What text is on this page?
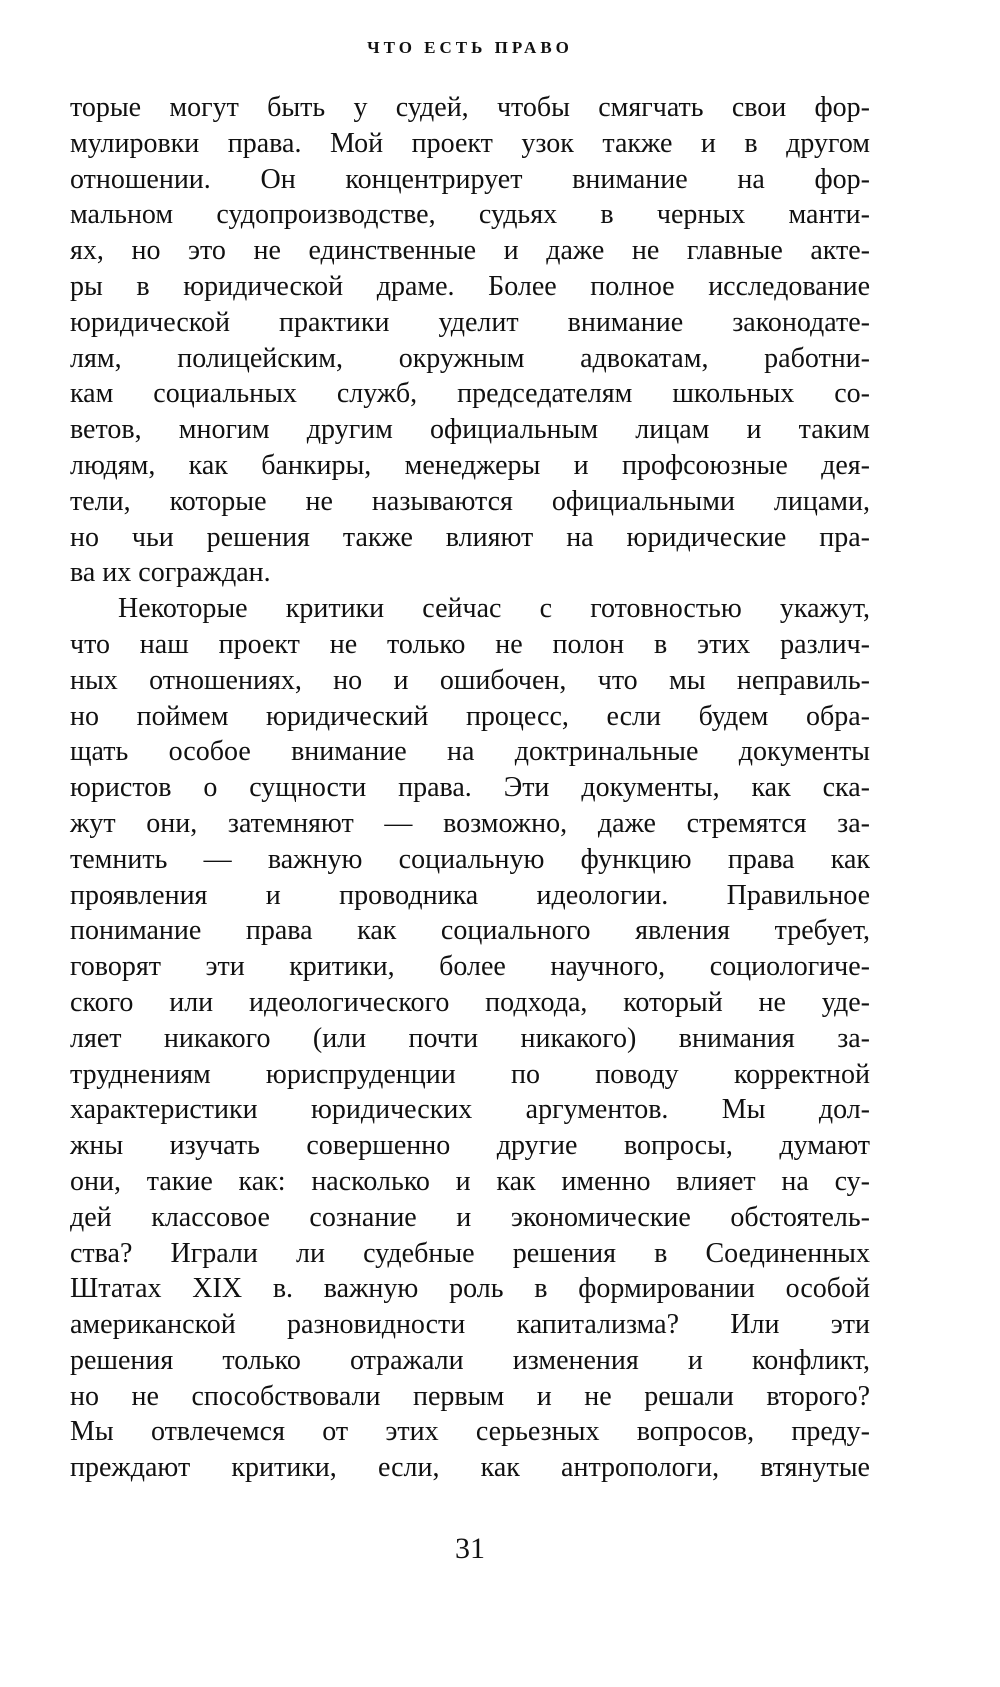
ЧТО ЕСТЬ ПРАВО
торые могут быть у судей, чтобы смягчать свои фор-
мулировки права. Мой проект узок также и в другом
отношении. Он концентрирует внимание на фор-
мальном судопроизводстве, судьях в черных манти-
ях, но это не единственные и даже не главные акте-
ры в юридической драме. Более полное исследование
юридической практики уделит внимание законодате-
лям, полицейским, окружным адвокатам, работни-
кам социальных служб, председателям школьных со-
ветов, многим другим официальным лицам и таким
людям, как банкиры, менеджеры и профсоюзные дея-
тели, которые не называются официальными лицами,
но чьи решения также влияют на юридические пра-
ва их сограждан.
Некоторые критики сейчас с готовностью укажут,
что наш проект не только не полон в этих различ-
ных отношениях, но и ошибочен, что мы неправиль-
но поймем юридический процесс, если будем обра-
щать особое внимание на доктринальные документы
юристов о сущности права. Эти документы, как ска-
жут они, затемняют — возможно, даже стремятся за-
темнить — важную социальную функцию права как
проявления и проводника идеологии. Правильное
понимание права как социального явления требует,
говорят эти критики, более научного, социологиче-
ского или идеологического подхода, который не уде-
ляет никакого (или почти никакого) внимания за-
труднениям юриспруденции по поводу корректной
характеристики юридических аргументов. Мы дол-
жны изучать совершенно другие вопросы, думают
они, такие как: насколько и как именно влияет на су-
дей классовое сознание и экономические обстоятель-
ства? Играли ли судебные решения в Соединенных
Штатах XIX в. важную роль в формировании особой
американской разновидности капитализма? Или эти
решения только отражали изменения и конфликт,
но не способствовали первым и не решали второго?
Мы отвлечемся от этих серьезных вопросов, преду-
преждают критики, если, как антропологи, втянутые
31
